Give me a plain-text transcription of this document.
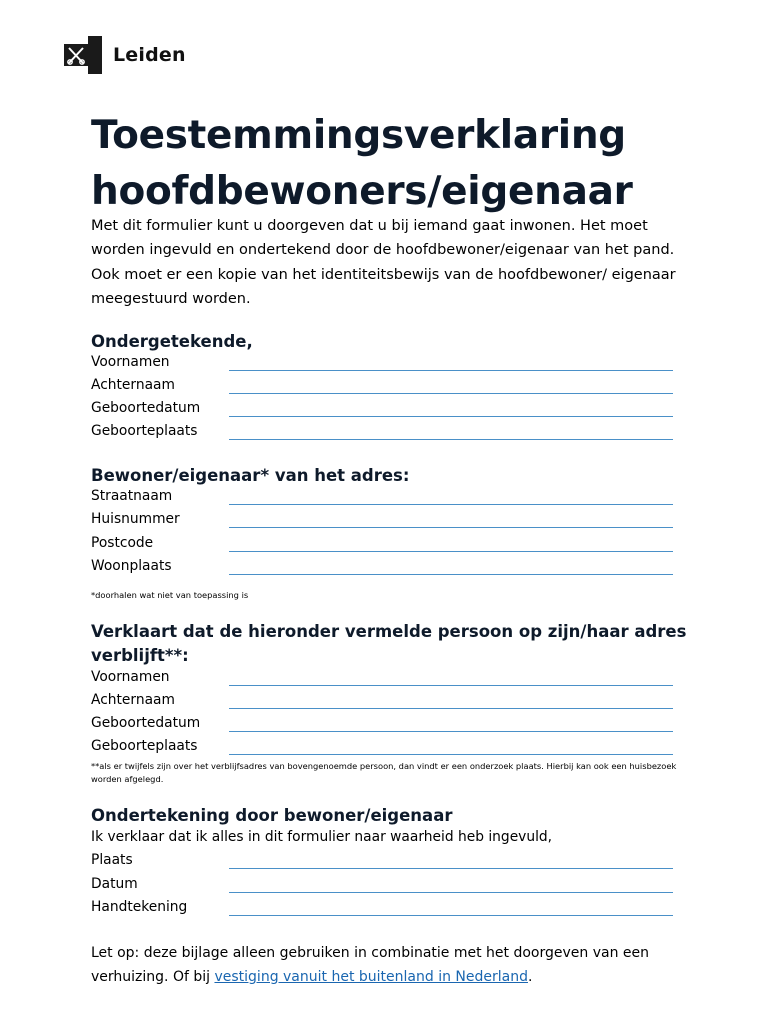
Leiden
Toestemmingsverklaring
hoofdbewoners/eigenaar

Met dit formulier kunt u doorgeven dat u bij iemand gaat inwonen. Het moet worden ingevuld en ondertekend door de hoofdbewoner/eigenaar van het pand. Ook moet er een kopie van het identiteitsbewijs van de hoofdbewoner/ eigenaar meegestuurd worden.

Ondergetekende,
Voornamen
Achternaam
Geboortedatum
Geboorteplaats
Bewoner/eigenaar* van het adres:
Straatnaam
Huisnummer
Postcode
Woonplaats

*doorhalen wat niet van toepassing is

Verklaart dat de hieronder vermelde persoon op zijn/haar adres verblijft**:
Voornamen
Achternaam
Geboortedatum
Geboorteplaats

**als er twijfels zijn over het verblijfsadres van bovengenoemde persoon, dan vindt er een onderzoek plaats. Hierbij kan ook een huisbezoek worden afgelegd.

Ondertekening door bewoner/eigenaar

Ik verklaar dat ik alles in dit formulier naar waarheid heb ingevuld,

Plaats
Datum
Handtekening

Let op: deze bijlage alleen gebruiken in combinatie met het doorgeven van een verhuizing. Of bij vestiging vanuit het buitenland in Nederland.
